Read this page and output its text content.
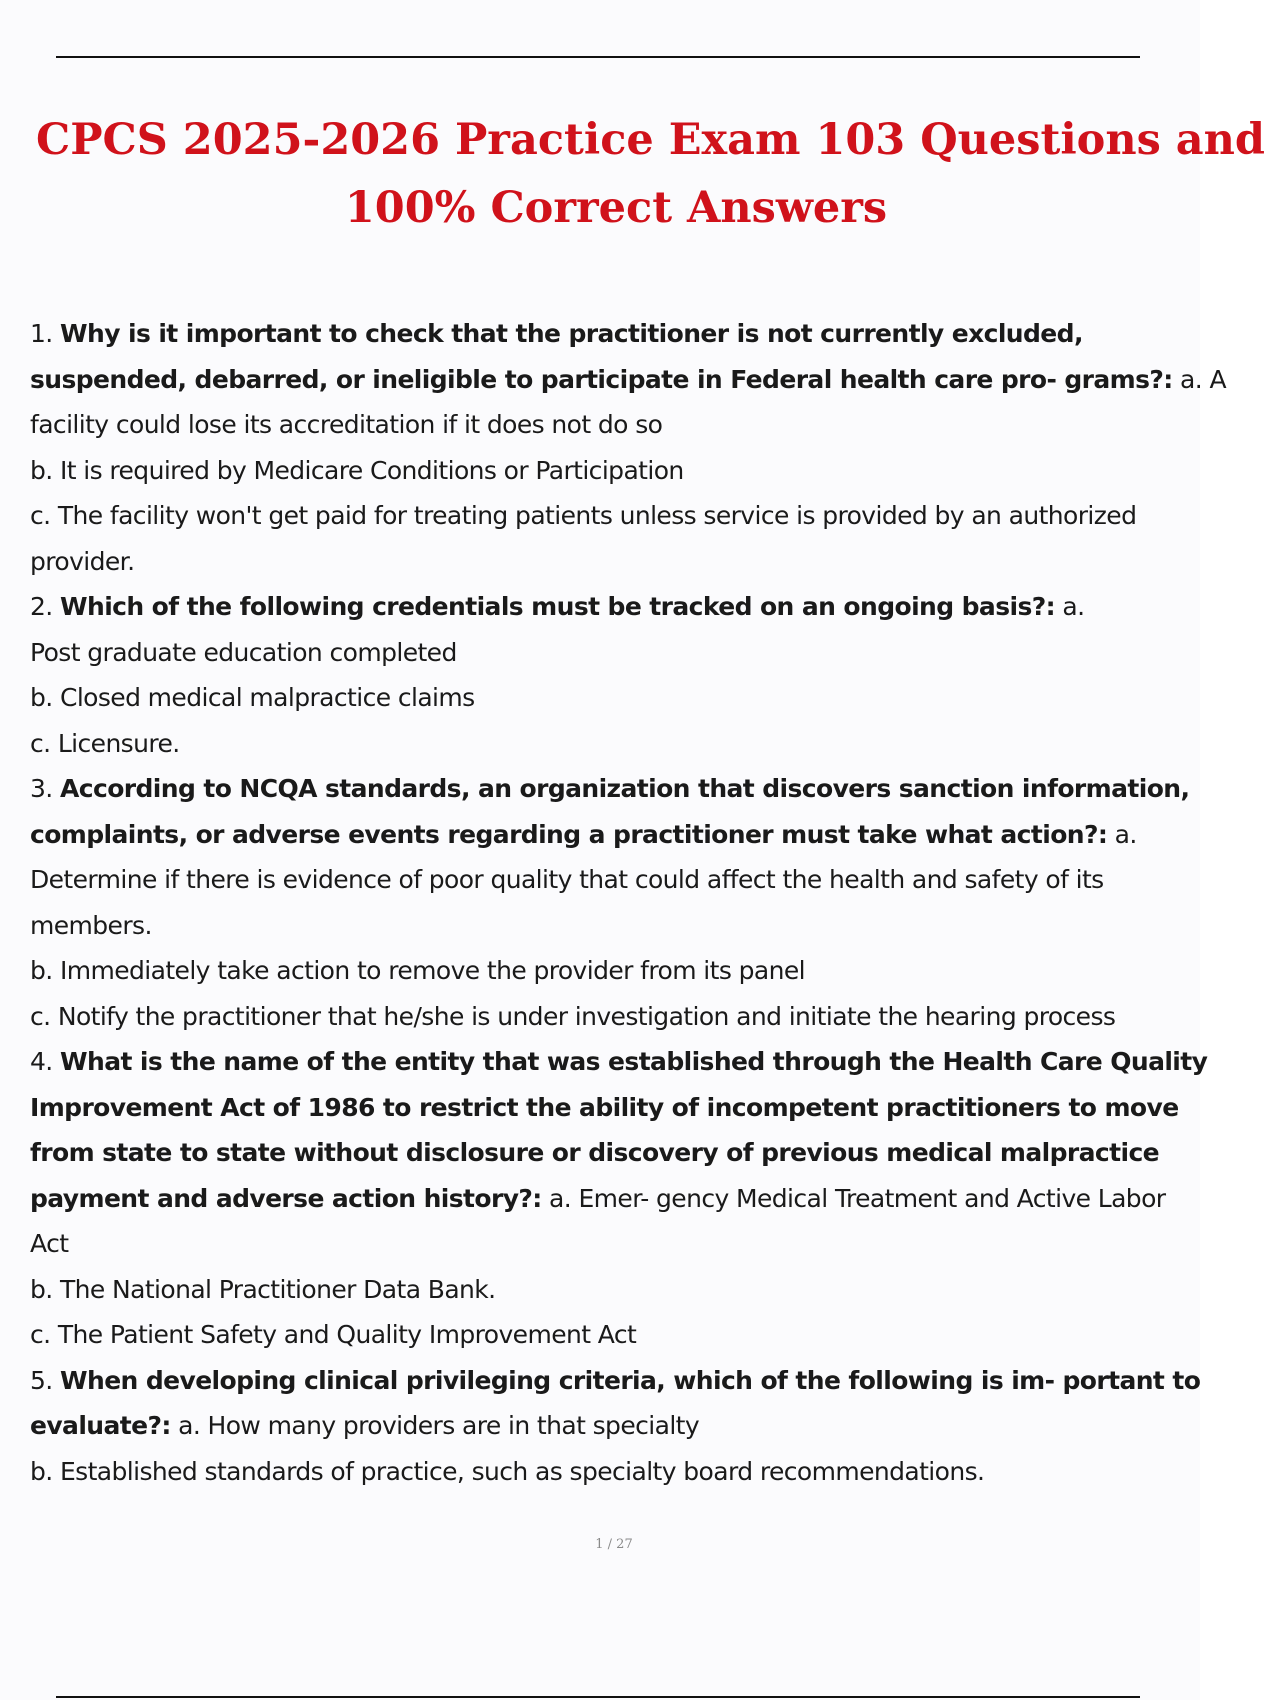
CPCS 2025-2026 Practice Exam 103 Questions and
100% Correct Answers

1. Why is it important to check that the practitioner is not currently excluded,

suspended, debarred, or ineligible to participate in Federal health care pro- grams?: a. A

facility could lose its accreditation if it does not do so

b. It is required by Medicare Conditions or Participation

c. The facility won't get paid for treating patients unless service is provided by an authorized

provider.

2. Which of the following credentials must be tracked on an ongoing basis?: a.

Post graduate education completed

b. Closed medical malpractice claims

c. Licensure.

3. According to NCQA standards, an organization that discovers sanction information,

complaints, or adverse events regarding a practitioner must take what action?: a.

Determine if there is evidence of poor quality that could affect the health and safety of its

members.

b. Immediately take action to remove the provider from its panel

c. Notify the practitioner that he/she is under investigation and initiate the hearing process

4. What is the name of the entity that was established through the Health Care Quality

Improvement Act of 1986 to restrict the ability of incompetent practitioners to move

from state to state without disclosure or discovery of previous medical malpractice

payment and adverse action history?: a. Emer- gency Medical Treatment and Active Labor

Act

b. The National Practitioner Data Bank.

c. The Patient Safety and Quality Improvement Act

5. When developing clinical privileging criteria, which of the following is im- portant to

evaluate?: a. How many providers are in that specialty

b. Established standards of practice, such as specialty board recommendations.

1 / 27
